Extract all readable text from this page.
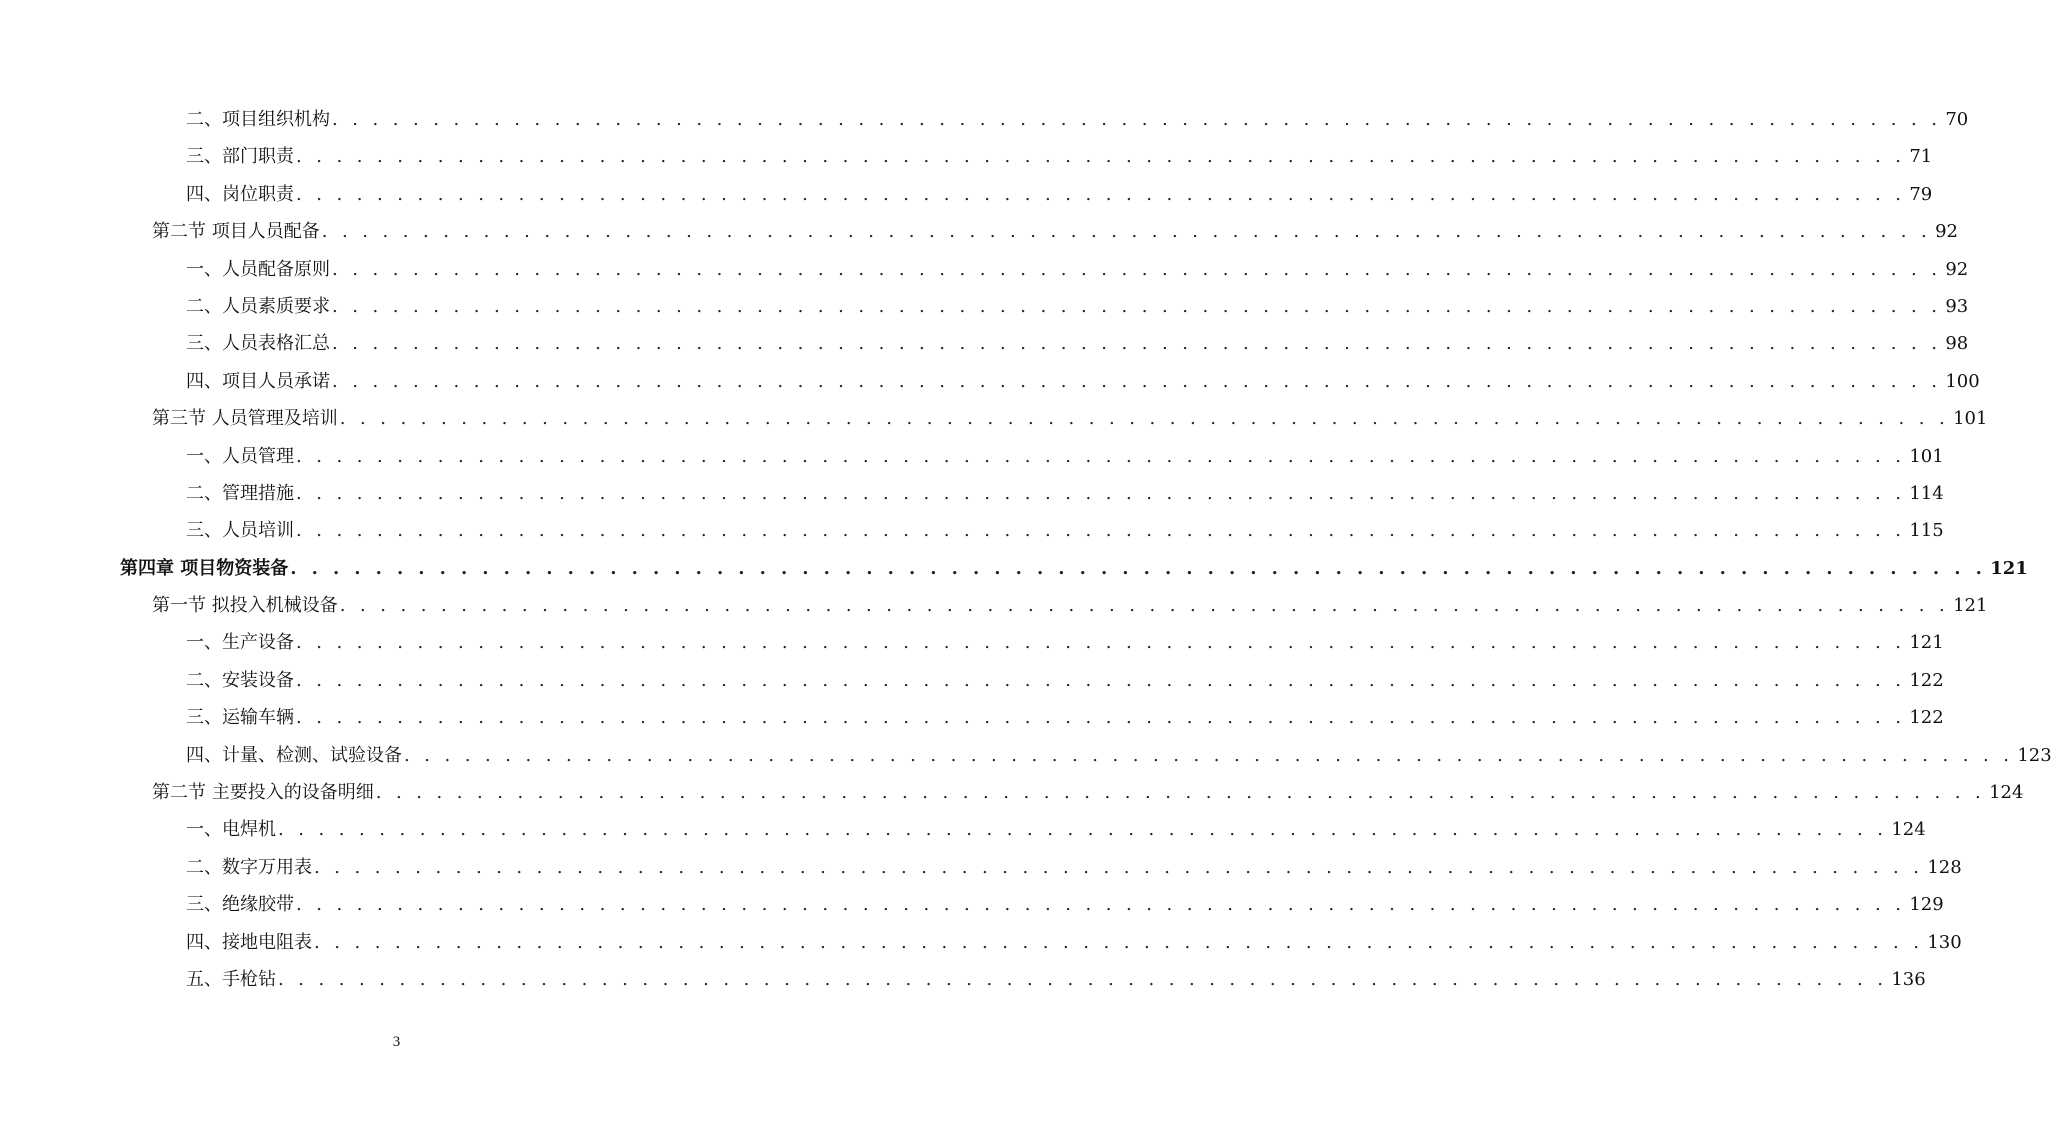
二、项目组织机构 . . . . . . . . . . . . . . . . . . . . . . . . . . . . . . . . . . . . . . . . . . . . . . . . . . . . . . . . . . . . . . . . . . . . . . . . . . . . . . . . 70
三、部门职责 . . . . . . . . . . . . . . . . . . . . . . . . . . . . . . . . . . . . . . . . . . . . . . . . . . . . . . . . . . . . . . . . . . . . . . . . . . . . . . . . 71
四、岗位职责 . . . . . . . . . . . . . . . . . . . . . . . . . . . . . . . . . . . . . . . . . . . . . . . . . . . . . . . . . . . . . . . . . . . . . . . . . . . . . . . . 79
第二节 项目人员配备 . . . . . . . . . . . . . . . . . . . . . . . . . . . . . . . . . . . . . . . . . . . . . . . . . . . . . . . . . . . . . . . . . . . . . . . . . . . . . . . . 92
一、人员配备原则 . . . . . . . . . . . . . . . . . . . . . . . . . . . . . . . . . . . . . . . . . . . . . . . . . . . . . . . . . . . . . . . . . . . . . . . . . . . . . . . . 92
二、人员素质要求 . . . . . . . . . . . . . . . . . . . . . . . . . . . . . . . . . . . . . . . . . . . . . . . . . . . . . . . . . . . . . . . . . . . . . . . . . . . . . . . . 93
三、人员表格汇总 . . . . . . . . . . . . . . . . . . . . . . . . . . . . . . . . . . . . . . . . . . . . . . . . . . . . . . . . . . . . . . . . . . . . . . . . . . . . . . . . 98
四、项目人员承诺 . . . . . . . . . . . . . . . . . . . . . . . . . . . . . . . . . . . . . . . . . . . . . . . . . . . . . . . . . . . . . . . . . . . . . . . . . . . . . . . . 100
第三节 人员管理及培训 . . . . . . . . . . . . . . . . . . . . . . . . . . . . . . . . . . . . . . . . . . . . . . . . . . . . . . . . . . . . . . . . . . . . . . . . . . . . . . . . 101
一、人员管理 . . . . . . . . . . . . . . . . . . . . . . . . . . . . . . . . . . . . . . . . . . . . . . . . . . . . . . . . . . . . . . . . . . . . . . . . . . . . . . . . 101
二、管理措施 . . . . . . . . . . . . . . . . . . . . . . . . . . . . . . . . . . . . . . . . . . . . . . . . . . . . . . . . . . . . . . . . . . . . . . . . . . . . . . . . 114
三、人员培训 . . . . . . . . . . . . . . . . . . . . . . . . . . . . . . . . . . . . . . . . . . . . . . . . . . . . . . . . . . . . . . . . . . . . . . . . . . . . . . . . 115
第四章 项目物资装备 . . . . . . . . . . . . . . . . . . . . . . . . . . . . . . . . . . . . . . . . . . . . . . . . . . . . . . . . . . . . . . . . . . . . . . . . . . . . . . . . 121
第一节 拟投入机械设备 . . . . . . . . . . . . . . . . . . . . . . . . . . . . . . . . . . . . . . . . . . . . . . . . . . . . . . . . . . . . . . . . . . . . . . . . . . . . . . . . 121
一、生产设备 . . . . . . . . . . . . . . . . . . . . . . . . . . . . . . . . . . . . . . . . . . . . . . . . . . . . . . . . . . . . . . . . . . . . . . . . . . . . . . . . 121
二、安装设备 . . . . . . . . . . . . . . . . . . . . . . . . . . . . . . . . . . . . . . . . . . . . . . . . . . . . . . . . . . . . . . . . . . . . . . . . . . . . . . . . 122
三、运输车辆 . . . . . . . . . . . . . . . . . . . . . . . . . . . . . . . . . . . . . . . . . . . . . . . . . . . . . . . . . . . . . . . . . . . . . . . . . . . . . . . . 122
四、计量、检测、试验设备 . . . . . . . . . . . . . . . . . . . . . . . . . . . . . . . . . . . . . . . . . . . . . . . . . . . . . . . . . . . . . . . . . . . . . . . . . . . . . . . . 123
第二节 主要投入的设备明细 . . . . . . . . . . . . . . . . . . . . . . . . . . . . . . . . . . . . . . . . . . . . . . . . . . . . . . . . . . . . . . . . . . . . . . . . . . . . . . . . 124
一、电焊机 . . . . . . . . . . . . . . . . . . . . . . . . . . . . . . . . . . . . . . . . . . . . . . . . . . . . . . . . . . . . . . . . . . . . . . . . . . . . . . . . 124
二、数字万用表 . . . . . . . . . . . . . . . . . . . . . . . . . . . . . . . . . . . . . . . . . . . . . . . . . . . . . . . . . . . . . . . . . . . . . . . . . . . . . . . . 128
三、绝缘胶带 . . . . . . . . . . . . . . . . . . . . . . . . . . . . . . . . . . . . . . . . . . . . . . . . . . . . . . . . . . . . . . . . . . . . . . . . . . . . . . . . 129
四、接地电阻表 . . . . . . . . . . . . . . . . . . . . . . . . . . . . . . . . . . . . . . . . . . . . . . . . . . . . . . . . . . . . . . . . . . . . . . . . . . . . . . . . 130
五、手枪钻 . . . . . . . . . . . . . . . . . . . . . . . . . . . . . . . . . . . . . . . . . . . . . . . . . . . . . . . . . . . . . . . . . . . . . . . . . . . . . . . . 136
3
